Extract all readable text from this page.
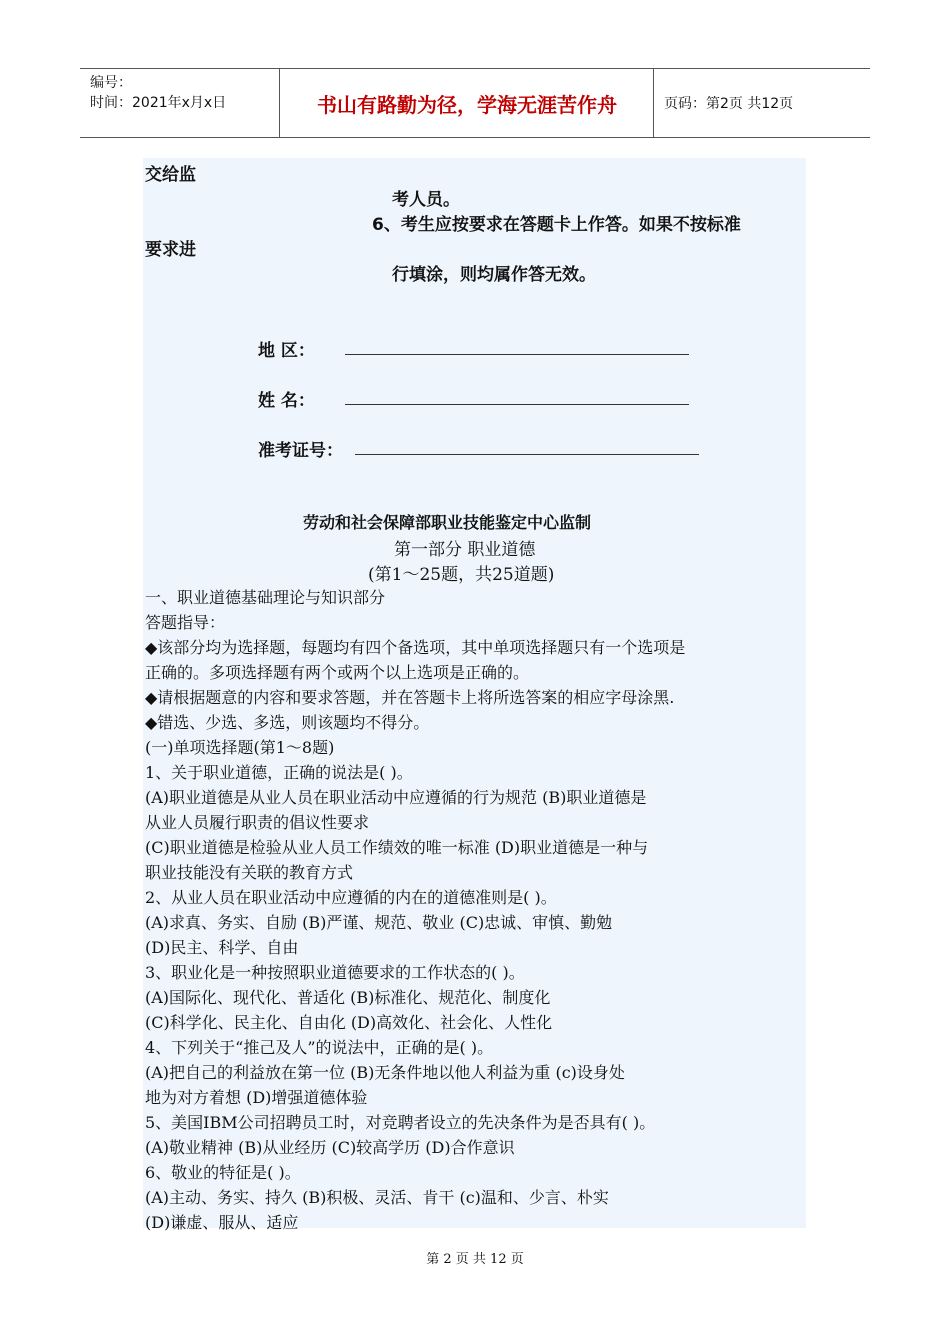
编号：
时间：2021年x月x日	书山有路勤为径，学海无涯苦作舟	页码：第2页 共12页
交给监
考人员。
6、考生应按要求在答题卡上作答。如果不按标准
要求进
行填涂，则均属作答无效。
地 区：
姓 名：
准考证号：
劳动和社会保障部职业技能鉴定中心监制
第一部分 职业道德
(第1～25题，共25道题)
一、职业道德基础理论与知识部分
答题指导：
◆该部分均为选择题，每题均有四个备选项，其中单项选择题只有一个选项是
正确的。多项选择题有两个或两个以上选项是正确的。
◆请根据题意的内容和要求答题，并在答题卡上将所选答案的相应字母涂黑.
◆错选、少选、多选，则该题均不得分。
(一)单项选择题(第1～8题)
1、关于职业道德，正确的说法是( )。
(A)职业道德是从业人员在职业活动中应遵循的行为规范 (B)职业道德是
从业人员履行职责的倡议性要求
(C)职业道德是检验从业人员工作绩效的唯一标准 (D)职业道德是一种与
职业技能没有关联的教育方式
2、从业人员在职业活动中应遵循的内在的道德准则是( )。
(A)求真、务实、自励 (B)严谨、规范、敬业 (C)忠诚、审慎、勤勉
(D)民主、科学、自由
3、职业化是一种按照职业道德要求的工作状态的( )。
(A)国际化、现代化、普适化 (B)标准化、规范化、制度化
(C)科学化、民主化、自由化 (D)高效化、社会化、人性化
4、下列关于“推己及人”的说法中，正确的是( )。
(A)把自己的利益放在第一位 (B)无条件地以他人利益为重 (c)设身处
地为对方着想 (D)增强道德体验
5、美国IBM公司招聘员工时，对竞聘者设立的先决条件为是否具有( )。
(A)敬业精神 (B)从业经历 (C)较高学历 (D)合作意识
6、敬业的特征是( )。
(A)主动、务实、持久 (B)积极、灵活、肯干 (c)温和、少言、朴实
(D)谦虚、服从、适应
第 2 页 共 12 页
